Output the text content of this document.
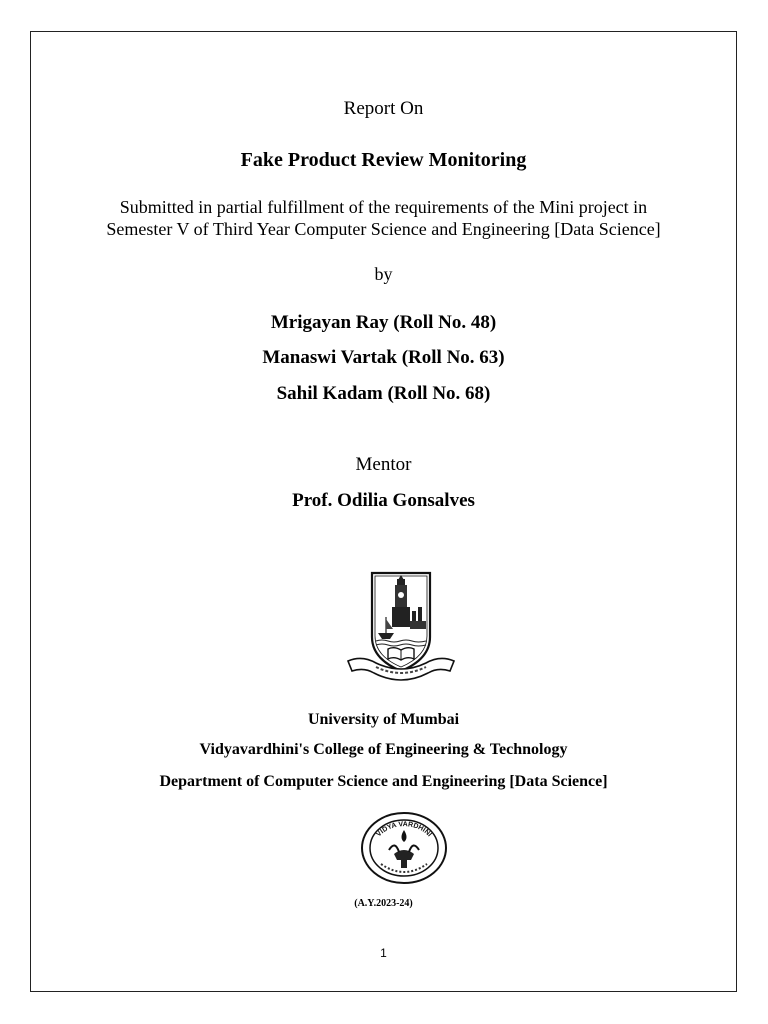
Report On

Fake Product Review Monitoring

Submitted in partial fulfillment of the requirements of the Mini project in
Semester V of Third Year Computer Science and Engineering [Data Science]

by

Mrigayan Ray (Roll No. 48)

Manaswi Vartak (Roll No. 63)

Sahil Kadam (Roll No. 68)

Mentor

Prof. Odilia Gonsalves

University of Mumbai

Vidyavardhini's College of Engineering & Technology

Department of Computer Science and Engineering [Data Science]

VIDYA VARDHINI

(A.Y.2023-24)

1
